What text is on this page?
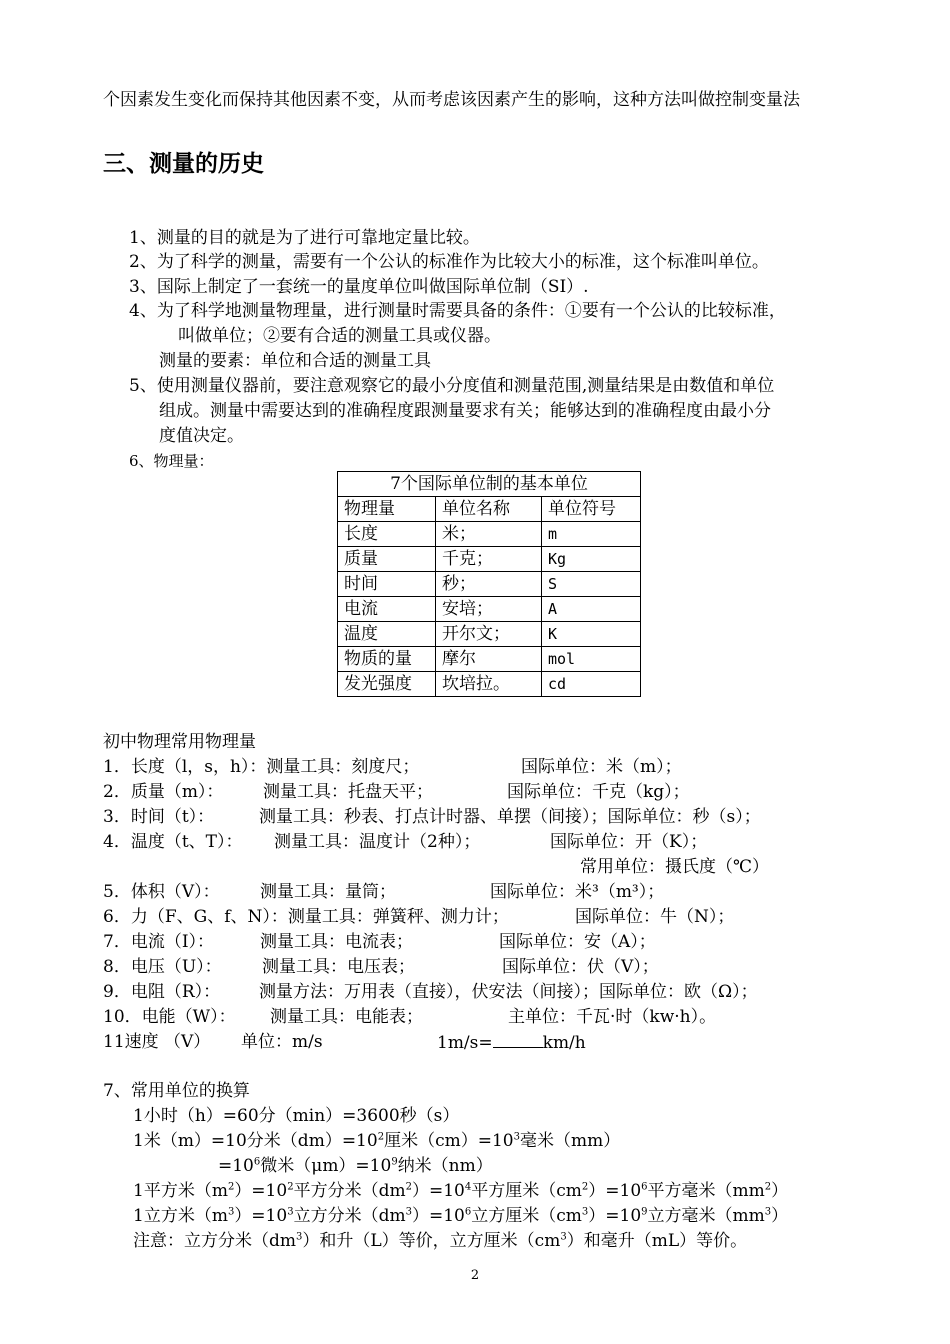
个因素发生变化而保持其他因素不变，从而考虑该因素产生的影响，这种方法叫做控制变量法
三、测量的历史
1、测量的目的就是为了进行可靠地定量比较。
2、为了科学的测量，需要有一个公认的标准作为比较大小的标准，这个标准叫单位。
3、国际上制定了一套统一的量度单位叫做国际单位制（SI）.
4、为了科学地测量物理量，进行测量时需要具备的条件：①要有一个公认的比较标准，
叫做单位；②要有合适的测量工具或仪器。
测量的要素：单位和合适的测量工具
5、使用测量仪器前，要注意观察它的最小分度值和测量范围,测量结果是由数值和单位
组成。测量中需要达到的准确程度跟测量要求有关；能够达到的准确程度由最小分
度值决定。
6、物理量：
7个国际单位制的基本单位		
物理量	单位名称	单位符号
长度	米；	m
质量	千克；	Kg
时间	秒；	S
电流	安培；	A
温度	开尔文；	K
物质的量	摩尔	mol
发光强度	坎培拉。	cd
初中物理常用物理量
1．长度（l，s，h）：测量工具：刻度尺；	国际单位：米（m）；
2．质量（m）： 测量工具：托盘天平；	国际单位：千克（kg）；
3．时间（t）：	测量工具：秒表、打点计时器、单摆（间接）；国际单位：秒（s）；
4．温度（t、T）： 测量工具：温度计（2种）；	国际单位：开（K）；
常用单位：摄氏度（℃）
5．体积（V）： 测量工具：量筒；	国际单位：米³（m³）；
6．力（F、G、f、N）：测量工具：弹簧秤、测力计；	国际单位：牛（N）；
7．电流（I）：	测量工具：电流表；	国际单位：安（A）；
8．电压（U）： 测量工具：电压表；	国际单位：伏（V）；
9．电阻（R）： 测量方法：万用表（直接），伏安法（间接）；国际单位：欧（Ω）；
10．电能（W）： 测量工具：电能表；	主单位：千瓦·时（kw·h）。
11速度 （V） 单位：m/s	1m/s=	km/h
7、常用单位的换算
1小时（h）=60分（min）=3600秒（s）
1米（m）=10分米$(dm)=10^2$厘米$(cm)=10^3$毫米（mm）
$=10^6$微米$(\mu m)=10^9$纳米（nm）
1平方米$(m^2)=10^2$平方分米$(dm^2)=10^4$平方厘米$(cm^2)=10^6$平方毫米$(mm^2)$
1立方米$(m^3)=10^3$立方分米$(dm^3)=10^6$立方厘米$(cm^3)=10^9$立方毫米$(mm^3)$
注意：立方分米$(dm^3)$和升（L）等价，立方厘米$(cm^3)$和毫升（mL）等价。
2
